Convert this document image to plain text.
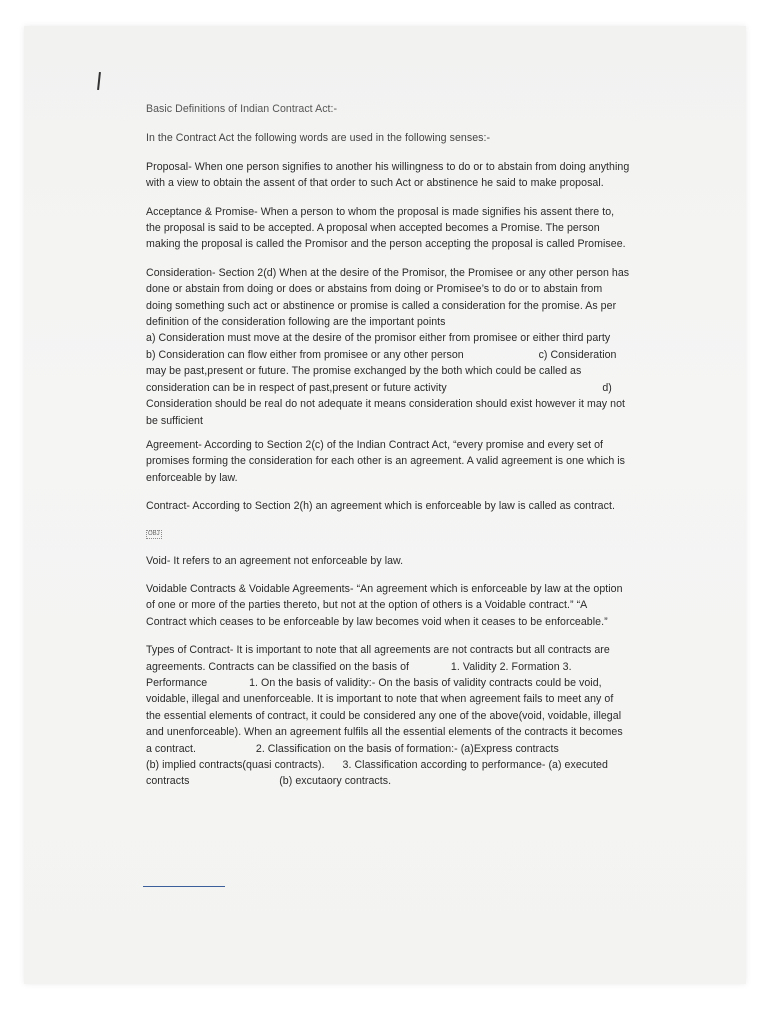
Basic Definitions of Indian Contract Act:-

In the Contract Act the following words are used in the following senses:-

Proposal- When one person signifies to another his willingness to do or to abstain from doing anything with a view to obtain the assent of that order to such Act or abstinence he said to make proposal.

Acceptance & Promise- When a person to whom the proposal is made signifies his assent there to, the proposal is said to be accepted. A proposal when accepted becomes a Promise. The person making the proposal is called the Promisor and the person accepting the proposal is called Promisee.

Consideration- Section 2(d) When at the desire of the Promisor, the Promisee or any other person has done or abstain from doing or does or abstains from doing or Promisee’s to do or to abstain from doing something such act or abstinence or promise is called a consideration for the promise. As per definition of the consideration following are the important points
a) Consideration must move at the desire of the promisor either from promisee or either third party
b) Consideration can flow either from promisee or any other person                         c) Consideration may be past,present or future. The promise exchanged by the both which could be called as consideration can be in respect of past,present or future activity                                                    d) Consideration should be real do not adequate it means consideration should exist however it may not be sufficient

Agreement- According to Section 2(c) of the Indian Contract Act, “every promise and every set of promises forming the consideration for each other is an agreement. A valid agreement is one which is enforceable by law.

Contract- According to Section 2(h) an agreement which is enforceable by law is called as contract.

OBJ

Void- It refers to an agreement not enforceable by law.

Voidable Contracts & Voidable Agreements- “An agreement which is enforceable by law at the option of one or more of the parties thereto, but not at the option of others is a Voidable contract.” “A Contract which ceases to be enforceable by law becomes void when it ceases to be enforceable.”

Types of Contract- It is important to note that all agreements are not contracts but all contracts are agreements. Contracts can be classified on the basis of              1. Validity 2. Formation 3. Performance              1. On the basis of validity:- On the basis of validity contracts could be void, voidable, illegal and unenforceable. It is important to note that when agreement fails to meet any of the essential elements of contract, it could be considered any one of the above(void, voidable, illegal and unenforceable). When an agreement fulfils all the essential elements of the contracts it becomes a contract.                    2. Classification on the basis of formation:- (a)Express contracts                          (b) implied contracts(quasi contracts).      3. Classification according to performance- (a) executed contracts                              (b) excutaory contracts.
